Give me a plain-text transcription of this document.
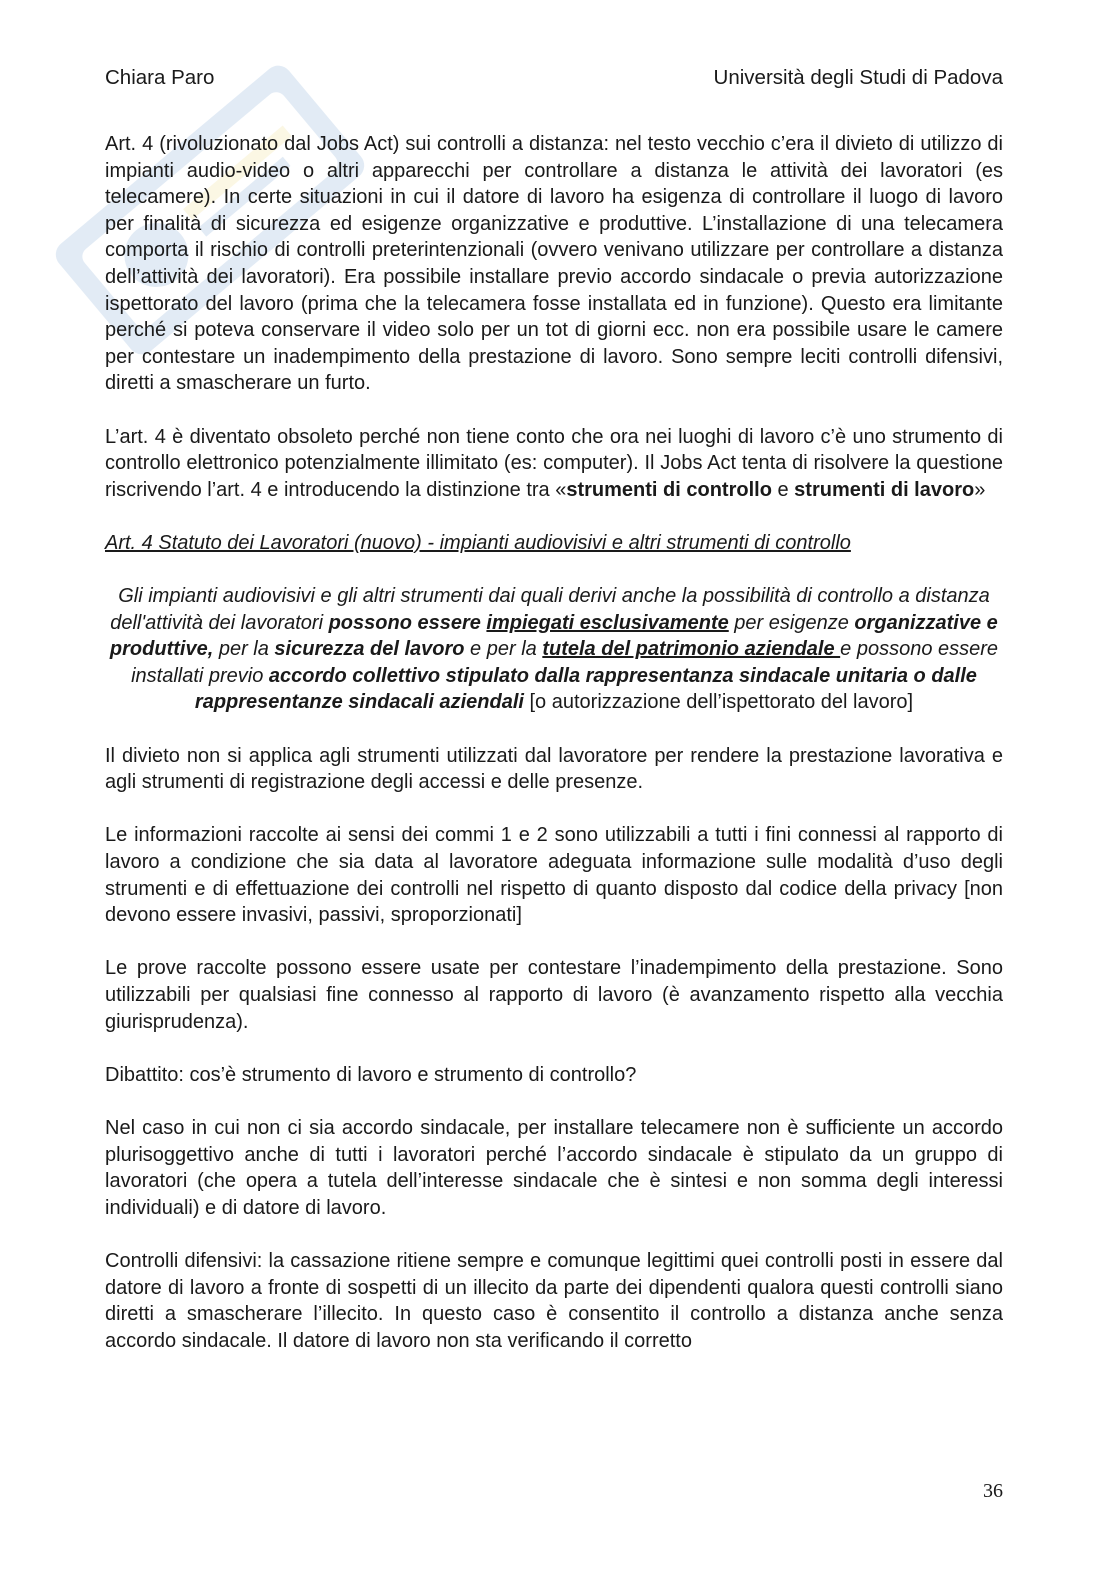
Chiara Paro	Università degli Studi di Padova

Art. 4 (rivoluzionato dal Jobs Act) sui controlli a distanza: nel testo vecchio c’era il divieto di utilizzo di impianti audio-video o altri apparecchi per controllare a distanza le attività dei lavoratori (es telecamere). In certe situazioni in cui il datore di lavoro ha esigenza di controllare il luogo di lavoro per finalità di sicurezza ed esigenze organizzative e produttive. L’installazione di una telecamera comporta il rischio di controlli preterintenzionali (ovvero venivano utilizzare per controllare a distanza dell’attività dei lavoratori). Era possibile installare previo accordo sindacale o previa autorizzazione ispettorato del lavoro (prima che la telecamera fosse installata ed in funzione). Questo era limitante perché si poteva conservare il video solo per un tot di giorni ecc. non era possibile usare le camere per contestare un inadempimento della prestazione di lavoro. Sono sempre leciti controlli difensivi, diretti a smascherare un furto.

L’art. 4 è diventato obsoleto perché non tiene conto che ora nei luoghi di lavoro c’è uno strumento di controllo elettronico potenzialmente illimitato (es: computer). Il Jobs Act tenta di risolvere la questione riscrivendo l’art. 4 e introducendo la distinzione tra «strumenti di controllo e strumenti di lavoro»

Art. 4 Statuto dei Lavoratori (nuovo) - impianti audiovisivi e altri strumenti di controllo

Gli impianti audiovisivi e gli altri strumenti dai quali derivi anche la possibilità di controllo a distanza dell'attività dei lavoratori possono essere impiegati esclusivamente per esigenze organizzative e produttive, per la sicurezza del lavoro e per la tutela del patrimonio aziendale e possono essere installati previo accordo collettivo stipulato dalla rappresentanza sindacale unitaria o dalle rappresentanze sindacali aziendali [o autorizzazione dell’ispettorato del lavoro]

Il divieto non si applica agli strumenti utilizzati dal lavoratore per rendere la prestazione lavorativa e agli strumenti di registrazione degli accessi e delle presenze.

Le informazioni raccolte ai sensi dei commi 1 e 2 sono utilizzabili a tutti i fini connessi al rapporto di lavoro a condizione che sia data al lavoratore adeguata informazione sulle modalità d’uso degli strumenti e di effettuazione dei controlli nel rispetto di quanto disposto dal codice della privacy [non devono essere invasivi, passivi, sproporzionati]

Le prove raccolte possono essere usate per contestare l’inadempimento della prestazione. Sono utilizzabili per qualsiasi fine connesso al rapporto di lavoro (è avanzamento rispetto alla vecchia giurisprudenza).

Dibattito: cos’è strumento di lavoro e strumento di controllo?

Nel caso in cui non ci sia accordo sindacale, per installare telecamere non è sufficiente un accordo plurisoggettivo anche di tutti i lavoratori perché l’accordo sindacale è stipulato da un gruppo di lavoratori (che opera a tutela dell’interesse sindacale che è sintesi e non somma degli interessi individuali) e di datore di lavoro.

Controlli difensivi: la cassazione ritiene sempre e comunque legittimi quei controlli posti in essere dal datore di lavoro a fronte di sospetti di un illecito da parte dei dipendenti qualora questi controlli siano diretti a smascherare l’illecito. In questo caso è consentito il controllo a distanza anche senza accordo sindacale. Il datore di lavoro non sta verificando il corretto

36
